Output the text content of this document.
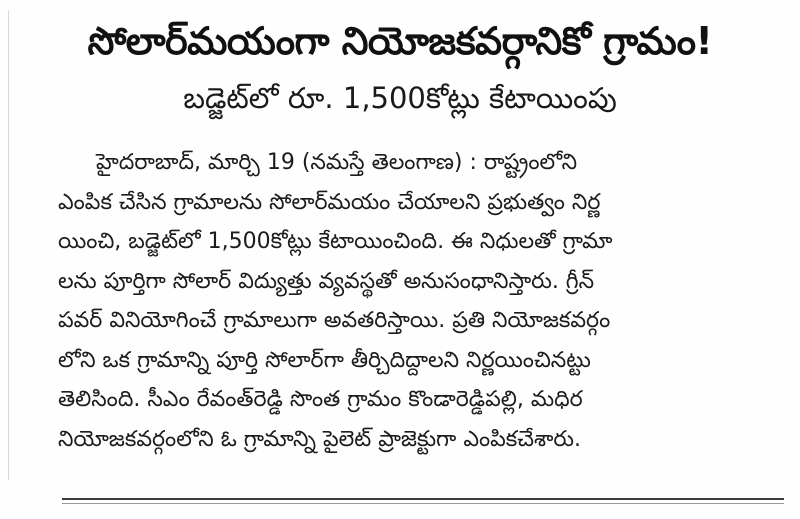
సోలార్‌మయంగా నియోజకవర్గానికో గ్రామం!
బడ్జెట్‌లో రూ. 1,500కోట్లు కేటాయింపు
హైదరాబాద్, మార్చి 19 (నమస్తే తెలంగాణ) : రాష్ట్రంలోని
ఎంపిక చేసిన గ్రామాలను సోలార్‌మయం చేయాలని ప్రభుత్వం నిర్ణ
యించి, బడ్జెట్‌లో 1,500కోట్లు కేటాయించింది. ఈ నిధులతో గ్రామా
లను పూర్తిగా సోలార్ విద్యుత్తు వ్యవస్థతో అనుసంధానిస్తారు. గ్రీన్
పవర్ వినియోగించే గ్రామాలుగా అవతరిస్తాయి. ప్రతి నియోజకవర్గం
లోని ఒక గ్రామాన్ని పూర్తి సోలార్‌గా తీర్చిదిద్దాలని నిర్ణయించినట్టు
తెలిసింది. సీఎం రేవంత్‌రెడ్డి సొంత గ్రామం కొండారెడ్డిపల్లి, మధిర
నియోజకవర్గంలోని ఓ గ్రామాన్ని పైలెట్ ప్రాజెక్టుగా ఎంపికచేశారు.
